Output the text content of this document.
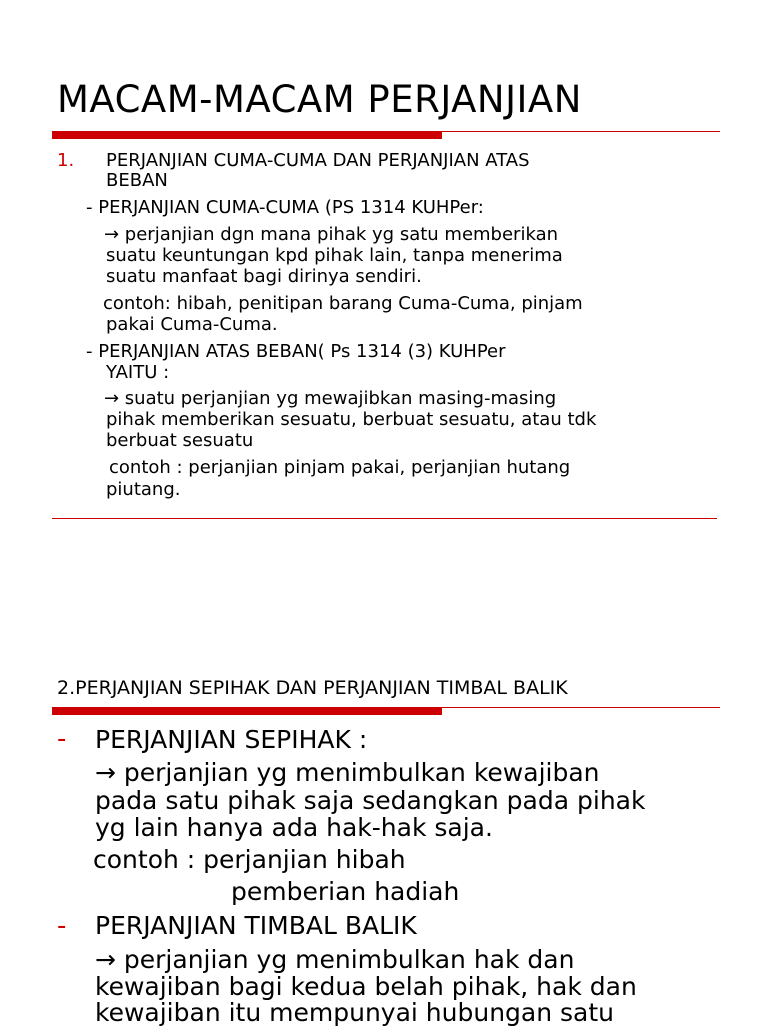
MACAM-MACAM PERJANJIAN
1. PERJANJIAN CUMA-CUMA DAN PERJANJIAN ATAS
BEBAN
- PERJANJIAN CUMA-CUMA (PS 1314 KUHPer:
→ perjanjian dgn mana pihak yg satu memberikan
suatu keuntungan kpd pihak lain, tanpa menerima
suatu manfaat bagi dirinya sendiri.
contoh: hibah, penitipan barang Cuma-Cuma, pinjam
pakai Cuma-Cuma.
- PERJANJIAN ATAS BEBAN( Ps 1314 (3) KUHPer
YAITU :
→ suatu perjanjian yg mewajibkan masing-masing
pihak memberikan sesuatu, berbuat sesuatu, atau tdk
berbuat sesuatu
contoh : perjanjian pinjam pakai, perjanjian hutang
piutang.
2.PERJANJIAN SEPIHAK DAN PERJANJIAN TIMBAL BALIK
- PERJANJIAN SEPIHAK :
→ perjanjian yg menimbulkan kewajiban
pada satu pihak saja sedangkan pada pihak
yg lain hanya ada hak-hak saja.
contoh : perjanjian hibah
pemberian hadiah
- PERJANJIAN TIMBAL BALIK
→ perjanjian yg menimbulkan hak dan
kewajiban bagi kedua belah pihak, hak dan
kewajiban itu mempunyai hubungan satu
